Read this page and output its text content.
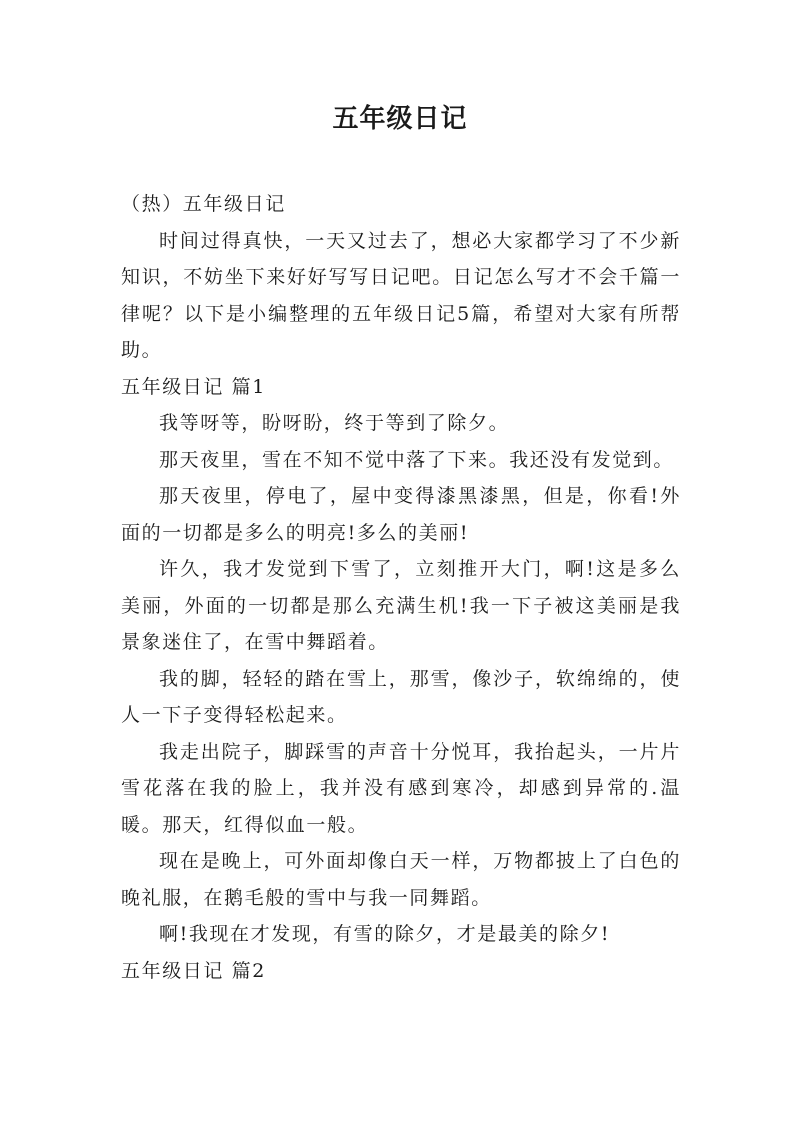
五年级日记

（热）五年级日记

时间过得真快，一天又过去了，想必大家都学习了不少新知识，不妨坐下来好好写写日记吧。日记怎么写才不会千篇一律呢？以下是小编整理的五年级日记5篇，希望对大家有所帮助。

五年级日记 篇1

我等呀等，盼呀盼，终于等到了除夕。

那天夜里，雪在不知不觉中落了下来。我还没有发觉到。

那天夜里，停电了，屋中变得漆黑漆黑，但是，你看!外面的一切都是多么的明亮!多么的美丽!

许久，我才发觉到下雪了，立刻推开大门，啊!这是多么美丽，外面的一切都是那么充满生机!我一下子被这美丽是我景象迷住了，在雪中舞蹈着。

我的脚，轻轻的踏在雪上，那雪，像沙子，软绵绵的，使人一下子变得轻松起来。

我走出院子，脚踩雪的声音十分悦耳，我抬起头，一片片雪花落在我的脸上，我并没有感到寒冷，却感到异常的.温暖。那天，红得似血一般。

现在是晚上，可外面却像白天一样，万物都披上了白色的晚礼服，在鹅毛般的雪中与我一同舞蹈。

啊!我现在才发现，有雪的除夕，才是最美的除夕!

五年级日记 篇2
